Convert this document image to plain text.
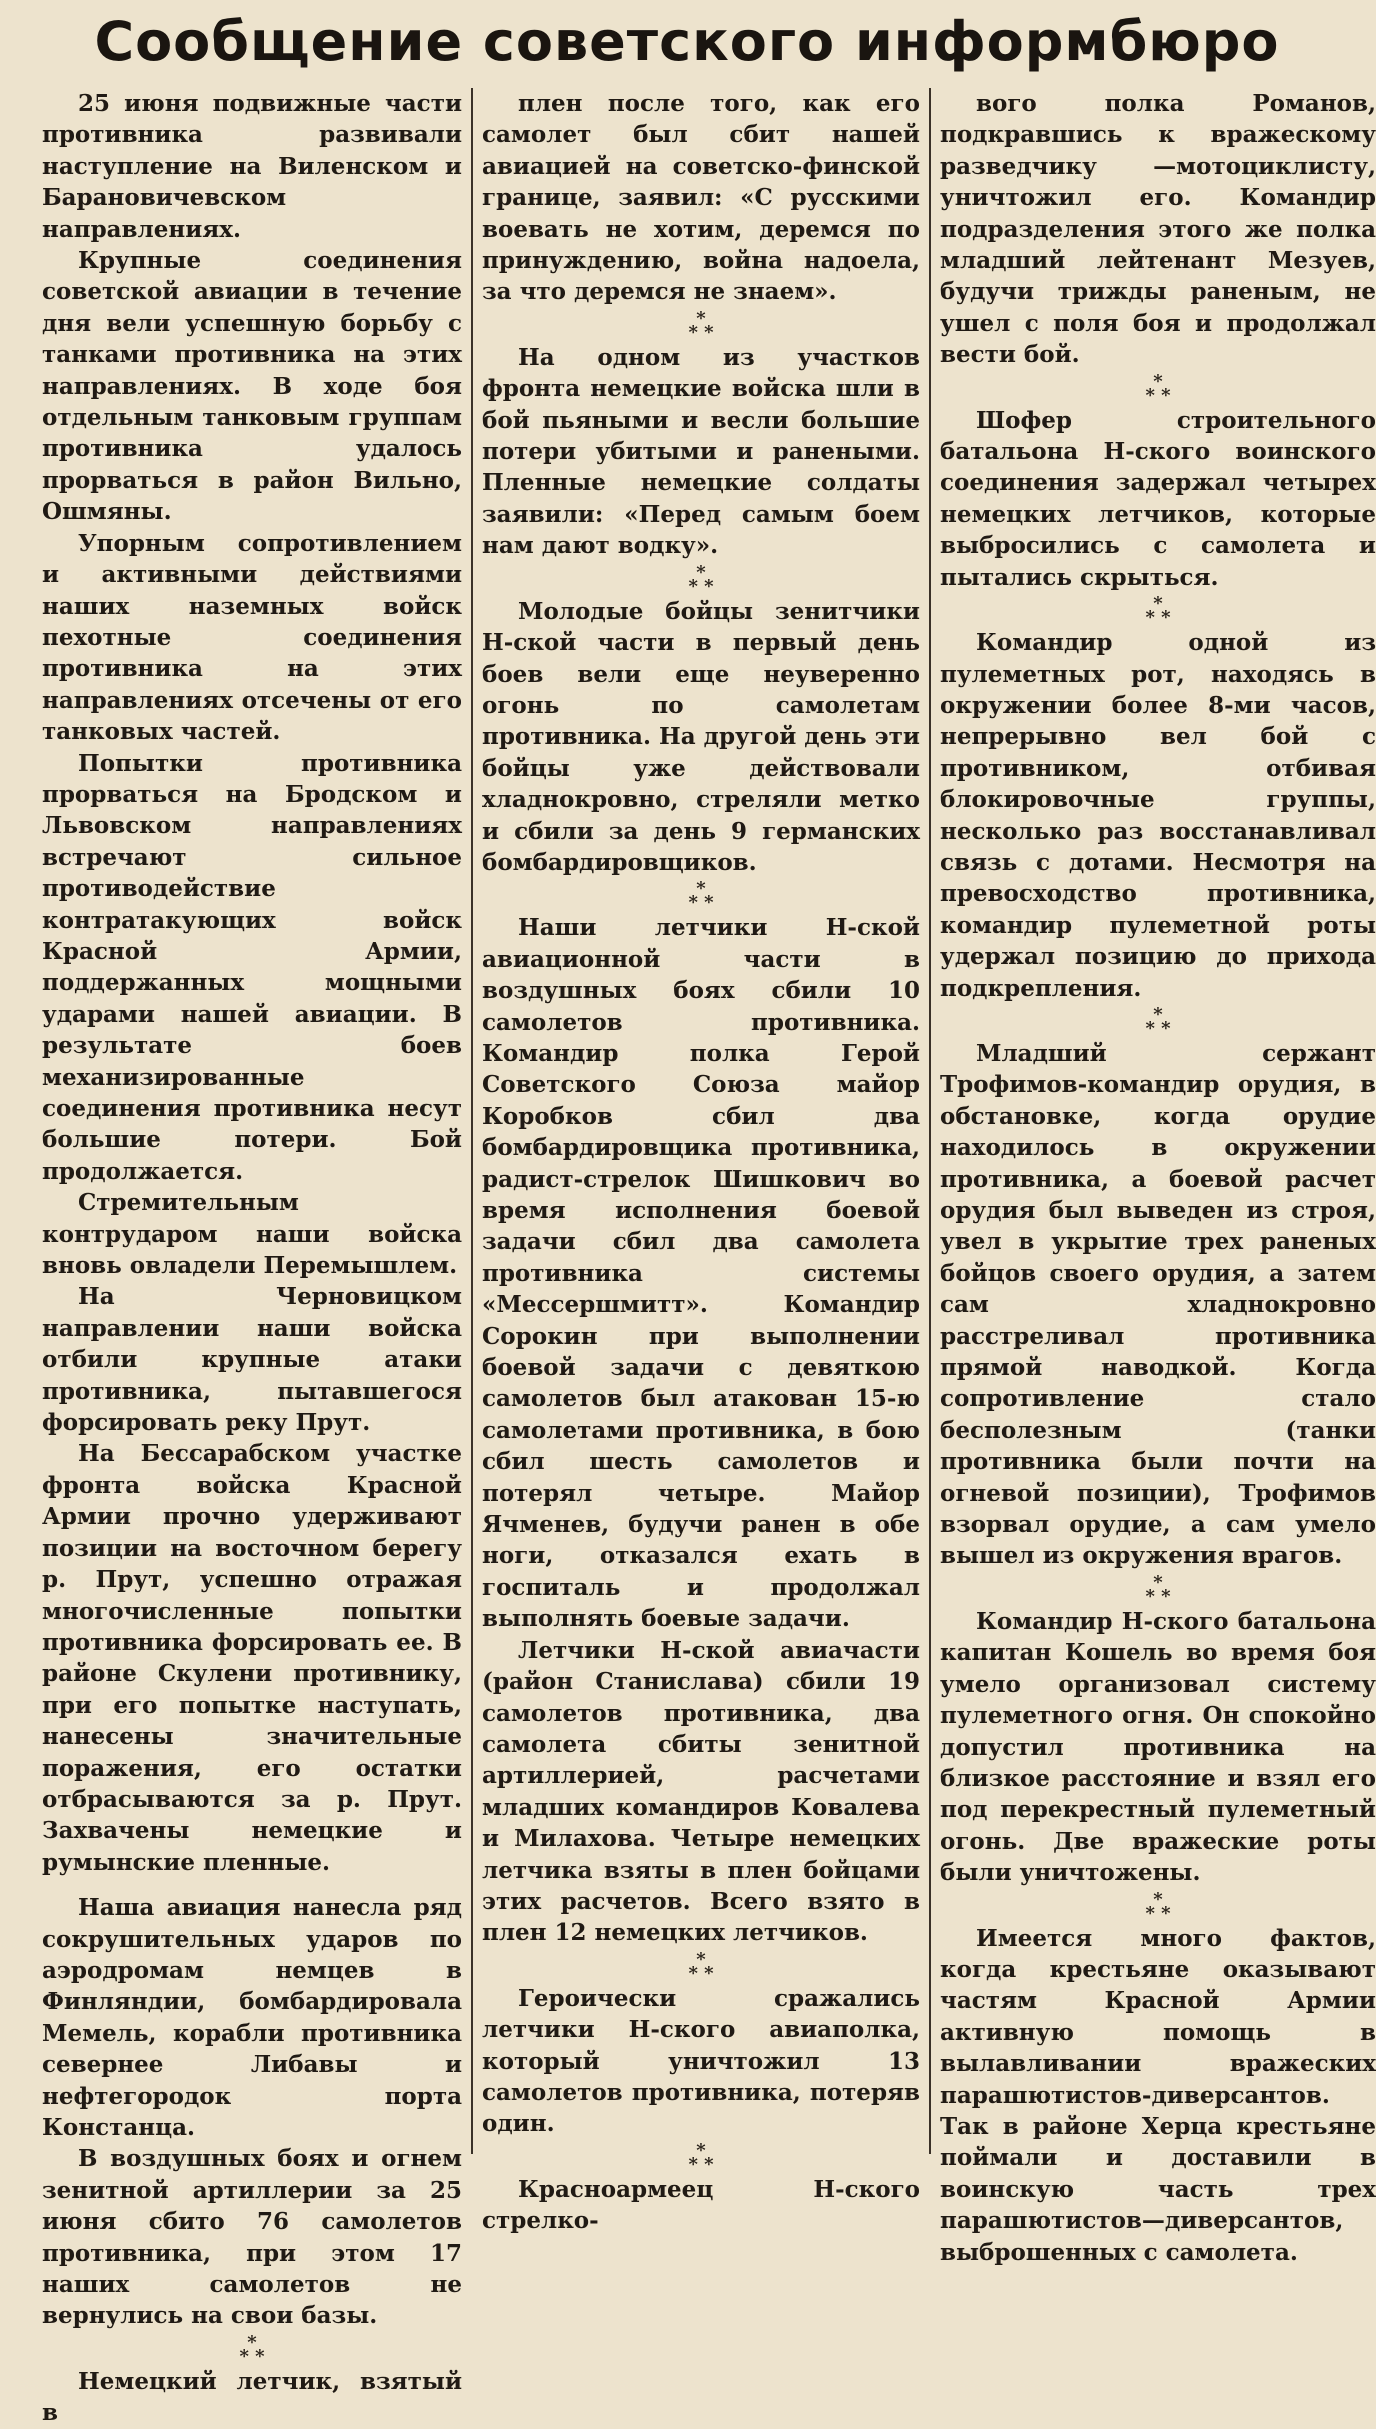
Сообщение советского информбюро

25 июня подвижные части противника развивали наступление на Виленском и Барановичевском направлениях.

Крупные соединения советской авиации в течение дня вели успешную борьбу с танками противника на этих направлениях. В ходе боя отдельным танковым группам противника удалось прорваться в район Вильно, Ошмяны.

Упорным сопротивлением и активными действиями наших наземных войск пехотные соединения противника на этих направлениях отсечены от его танковых частей.

Попытки противника прорваться на Бродском и Львовском направлениях встречают сильное противодействие контратакующих войск Красной Армии, поддержанных мощными ударами нашей авиации. В результате боев механизированные соединения противника несут большие потери. Бой продолжается.

Стремительным контрударом наши войска вновь овладели Перемышлем.

На Черновицком направлении наши войска отбили крупные атаки противника, пытавшегося форсировать реку Прут.

На Бессарабском участке фронта войска Красной Армии прочно удерживают позиции на восточном берегу р. Прут, успешно отражая многочисленные попытки противника форсировать ее. В районе Скулени противнику, при его попытке наступать, нанесены значительные поражения, его остатки отбрасываются за р. Прут. Захвачены немецкие и румынские пленные.

Наша авиация нанесла ряд сокрушительных ударов по аэродромам немцев в Финляндии, бомбардировала Мемель, корабли противника севернее Либавы и нефтегородок порта Констанца.

В воздушных боях и огнем зенитной артиллерии за 25 июня сбито 76 самолетов противника, при этом 17 наших самолетов не вернулись на свои базы.

*
* *

Немецкий летчик, взятый в

плен после того, как его самолет был сбит нашей авиацией на советско-финской границе, заявил: «С русскими воевать не хотим, деремся по принуждению, война надоела, за что деремся не знаем».

*
* *

На одном из участков фронта немецкие войска шли в бой пьяными и весли большие потери убитыми и рaнеными. Пленные немецкие солдаты заявили: «Перед самым боем нам дают водку».

*
* *

Молодые бойцы зенитчики Н-ской части в первый день боев вели еще неуверенно огонь по самолетам противника. На другой день эти бойцы уже действовали хладнокровно, стреляли метко и сбили за день 9 германских бомбардировщиков.

*
* *

Наши летчики Н-ской авиационной части в воздушных боях сбили 10 самолетов противника. Командир полка Герой Советского Союза майор Коробков сбил два бомбардировщика противника, радист-стрелок Шишкович во время исполнения боевой задачи сбил два самолета противника системы «Мессершмитт». Командир Сорокин при выполнении боевой задачи с девяткою самолетов был атакован 15-ю самолетами противника, в бою сбил шесть самолетов и потерял четыре. Майор Ячменев, будучи ранен в обе ноги, отказался ехать в госпиталь и продолжал выполнять боевые задачи.

Летчики Н-ской авиачасти (район Станислава) сбили 19 самолетов противника, два самолета сбиты зенитной артиллерией, расчетами младших командиров Ковалева и Милахова. Четыре немецких летчика взяты в плен бойцами этих расчетов. Всего взято в плен 12 немецких летчиков.

*
* *

Героически сражались летчики Н-ского авиаполка, который уничтожил 13 самолетов противника, потеряв один.

*
* *

Красноармеец Н-ского стрелко-

вого полка Романов, подкравшись к вражескому разведчику —мотоциклисту, уничтожил его. Командир подразделения этого же полка младший лейтенант Мезуев, будучи трижды раненым, не ушел с поля боя и продолжал вести бой.

*
* *

Шофер строительного батальона Н-ского воинского соединения задержал четырех немецких летчиков, которые выбросились с самолета и пытались скрыться.

*
* *

Командир одной из пулеметных рот, находясь в окружении более 8-ми часов, непрерывно вел бой с противником, отбивая блокировочные группы, несколько раз восстанавливал связь с дотами. Несмотря на превосходство противника, командир пулеметной роты удержал позицию до прихода подкрепления.

*
* *

Младший сержант Трофимов-командир орудия, в обстановке, когда орудие находилось в окружении противника, а боевой расчет орудия был выведен из строя, увел в укрытие трех раненых бойцов своего орудия, а затем сам хладнокровно расстреливал противника прямой наводкой. Когда сопротивление стало бесполезным (танки противника были почти на огневой позиции), Трофимов взорвал орудие, а сам умело вышел из окружения врагов.

*
* *

Командир Н-ского батальона капитан Кошель во время боя умело организовал систему пулеметного огня. Он спокойно допустил противника на близкое расстояние и взял его под перекрестный пулеметный огонь. Две вражеские роты были уничтожены.

*
* *

Имеется много фактов, когда крестьяне оказывают частям Красной Армии активную помощь в вылавливании вражеских парашютистов-диверсантов. Так в районе Херца крестьяне поймали и доставили в воинскую часть трех парашютистов—диверсантов, выброшенных с самолета.
